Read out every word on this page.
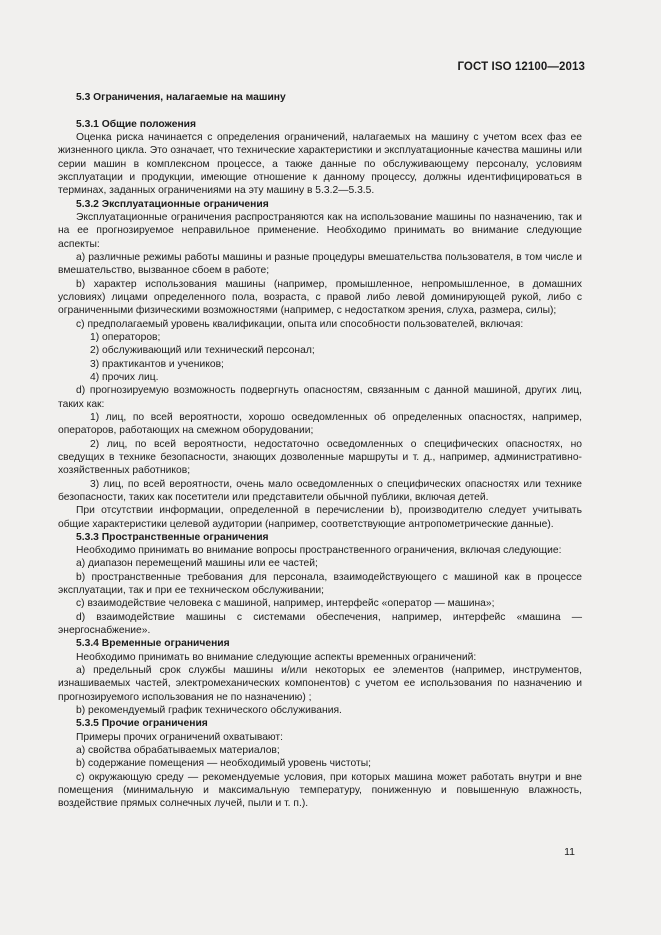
ГОСТ ISO 12100—2013

5.3 Ограничения, налагаемые на машину

5.3.1 Общие положения

Оценка риска начинается с определения ограничений, налагаемых на машину с учетом всех фаз ее жизненного цикла. Это означает, что технические характеристики и эксплуатационные качества машины или серии машин в комплексном процессе, а также данные по обслуживающему персоналу, условиям эксплуатации и продукции, имеющие отношение к данному процессу, должны идентифицироваться в терминах, заданных ограничениями на эту машину в 5.3.2—5.3.5.

5.3.2 Эксплуатационные ограничения

Эксплуатационные ограничения распространяются как на использование машины по назначению, так и на ее прогнозируемое неправильное применение. Необходимо принимать во внимание следующие аспекты:

а) различные режимы работы машины и разные процедуры вмешательства пользователя, в том числе и вмешательство, вызванное сбоем в работе;

b) характер использования машины (например, промышленное, непромышленное, в домашних условиях) лицами определенного пола, возраста, с правой либо левой доминирующей рукой, либо с ограниченными физическими возможностями (например, с недостатком зрения, слуха, размера, силы);

с) предполагаемый уровень квалификации, опыта или способности пользователей, включая:

1) операторов;

2) обслуживающий или технический персонал;

3) практикантов и учеников;

4) прочих лиц.

d) прогнозируемую возможность подвергнуть опасностям, связанным с данной машиной, других лиц, таких как:

1) лиц, по всей вероятности, хорошо осведомленных об определенных опасностях, например, операторов, работающих на смежном оборудовании;

2) лиц, по всей вероятности, недостаточно осведомленных о специфических опасностях, но сведущих в технике безопасности, знающих дозволенные маршруты и т. д., например, административно-хозяйственных работников;

3) лиц, по всей вероятности, очень мало осведомленных о специфических опасностях или технике безопасности, таких как посетители или представители обычной публики, включая детей.

При отсутствии информации, определенной в перечислении b), производителю следует учитывать общие характеристики целевой аудитории (например, соответствующие антропометрические данные).

5.3.3 Пространственные ограничения

Необходимо принимать во внимание вопросы пространственного ограничения, включая следующие:

а) диапазон перемещений машины или ее частей;

b) пространственные требования для персонала, взаимодействующего с машиной как в процессе эксплуатации, так и при ее техническом обслуживании;

с) взаимодействие человека с машиной, например, интерфейс «оператор — машина»;

d) взаимодействие машины с системами обеспечения, например, интерфейс «машина — энергоснабжение».

5.3.4 Временные ограничения

Необходимо принимать во внимание следующие аспекты временных ограничений:

а) предельный срок службы машины и/или некоторых ее элементов (например, инструментов, изнашиваемых частей, электромеханических компонентов) с учетом ее использования по назначению и прогнозируемого использования не по назначению) ;

b) рекомендуемый график технического обслуживания.

5.3.5 Прочие ограничения

Примеры прочих ограничений охватывают:

а) свойства обрабатываемых материалов;

b) содержание помещения — необходимый уровень чистоты;

с) окружающую среду — рекомендуемые условия, при которых машина может работать внутри и вне помещения (минимальную и максимальную температуру, пониженную и повышенную влажность, воздействие прямых солнечных лучей, пыли и т. п.).

11
